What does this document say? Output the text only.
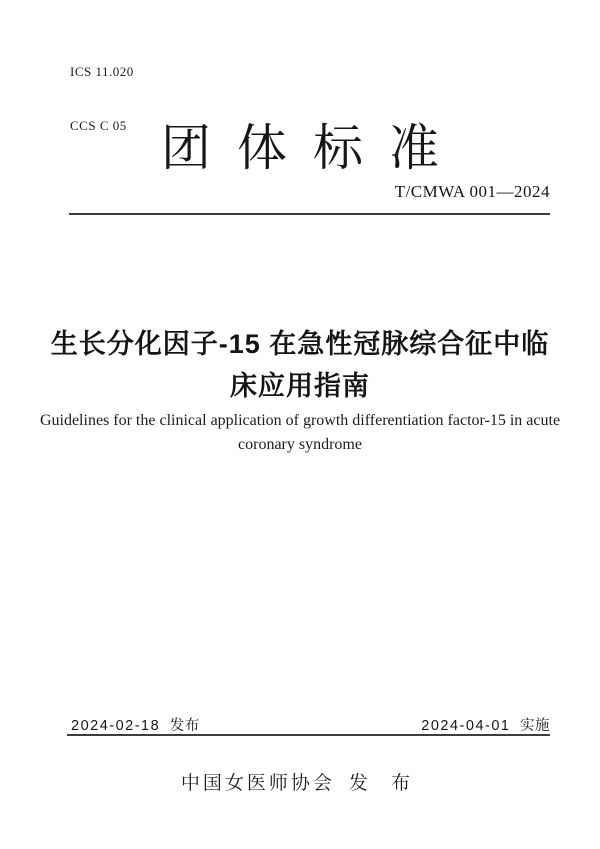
ICS 11.020

CCS C 05

团体标准
T/CMWA 001—2024
生长分化因子-15 在急性冠脉综合征中临
床应用指南
Guidelines for the clinical application of growth differentiation factor-15 in acute
coronary syndrome
2024-02-18 发布	2024-04-01 实施
中国女医师协会 发 布
